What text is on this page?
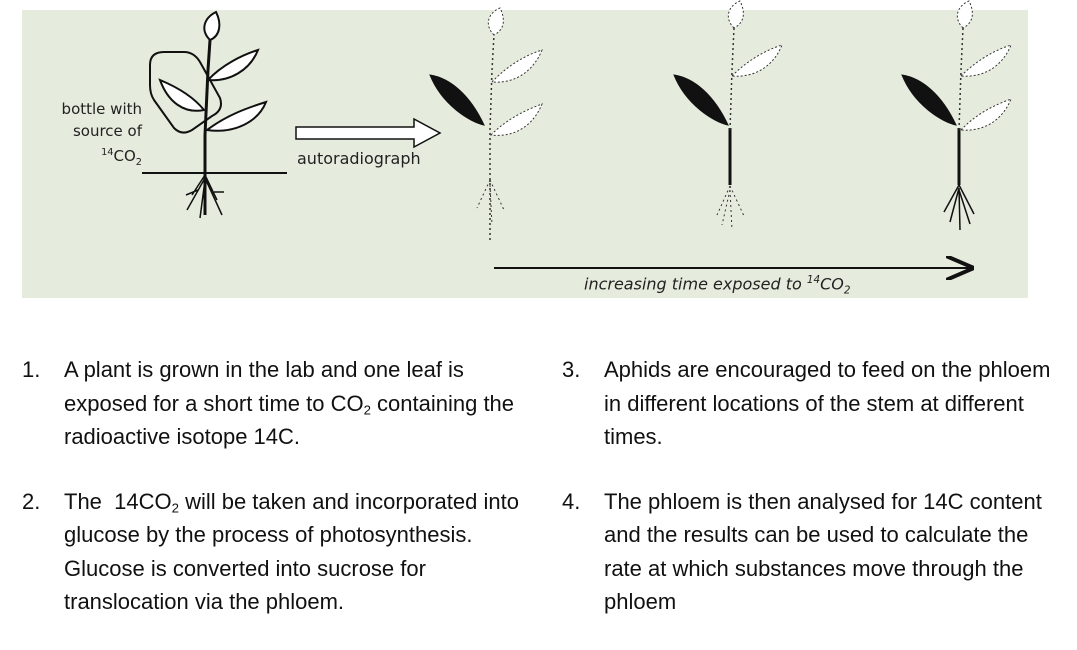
bottle with
source of
$^{14}CO_2$	autoradiograph
increasing time exposed to $^{14}CO_2$
1. A plant is grown in the lab and one leaf is exposed for a short time to $CO_2$ containing the radioactive isotope 14C.
2. The  $14CO_2$ will be taken and incorporated into glucose by the process of photosynthesis. Glucose is converted into sucrose for translocation via the phloem.
3. Aphids are encouraged to feed on the phloem in different locations of the stem at different times.
4. The phloem is then analysed for 14C content and the results can be used to calculate the rate at which substances move through the phloem
